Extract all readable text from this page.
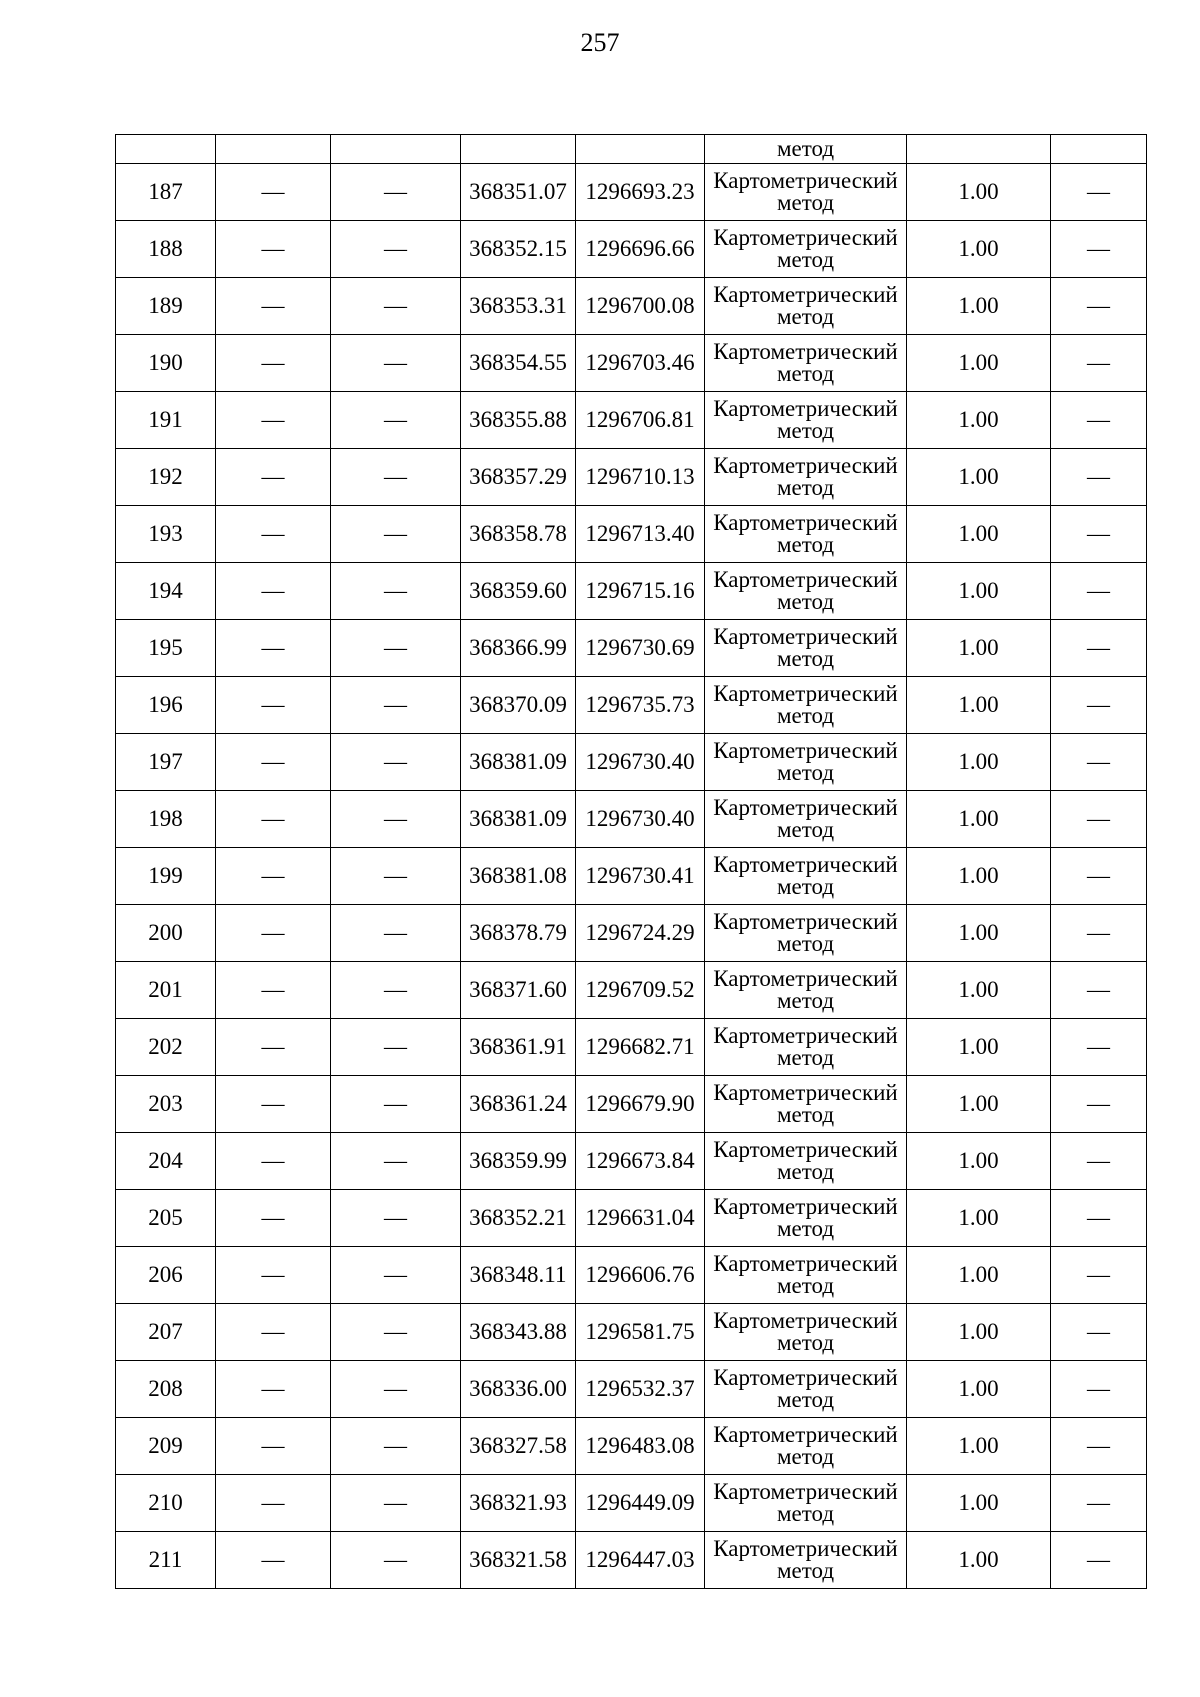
257
					метод		
187	—	—	368351.07	1296693.23	Картометрический
метод	1.00	—
188	—	—	368352.15	1296696.66	Картометрический
метод	1.00	—
189	—	—	368353.31	1296700.08	Картометрический
метод	1.00	—
190	—	—	368354.55	1296703.46	Картометрический
метод	1.00	—
191	—	—	368355.88	1296706.81	Картометрический
метод	1.00	—
192	—	—	368357.29	1296710.13	Картометрический
метод	1.00	—
193	—	—	368358.78	1296713.40	Картометрический
метод	1.00	—
194	—	—	368359.60	1296715.16	Картометрический
метод	1.00	—
195	—	—	368366.99	1296730.69	Картометрический
метод	1.00	—
196	—	—	368370.09	1296735.73	Картометрический
метод	1.00	—
197	—	—	368381.09	1296730.40	Картометрический
метод	1.00	—
198	—	—	368381.09	1296730.40	Картометрический
метод	1.00	—
199	—	—	368381.08	1296730.41	Картометрический
метод	1.00	—
200	—	—	368378.79	1296724.29	Картометрический
метод	1.00	—
201	—	—	368371.60	1296709.52	Картометрический
метод	1.00	—
202	—	—	368361.91	1296682.71	Картометрический
метод	1.00	—
203	—	—	368361.24	1296679.90	Картометрический
метод	1.00	—
204	—	—	368359.99	1296673.84	Картометрический
метод	1.00	—
205	—	—	368352.21	1296631.04	Картометрический
метод	1.00	—
206	—	—	368348.11	1296606.76	Картометрический
метод	1.00	—
207	—	—	368343.88	1296581.75	Картометрический
метод	1.00	—
208	—	—	368336.00	1296532.37	Картометрический
метод	1.00	—
209	—	—	368327.58	1296483.08	Картометрический
метод	1.00	—
210	—	—	368321.93	1296449.09	Картометрический
метод	1.00	—
211	—	—	368321.58	1296447.03	Картометрический
метод	1.00	—
